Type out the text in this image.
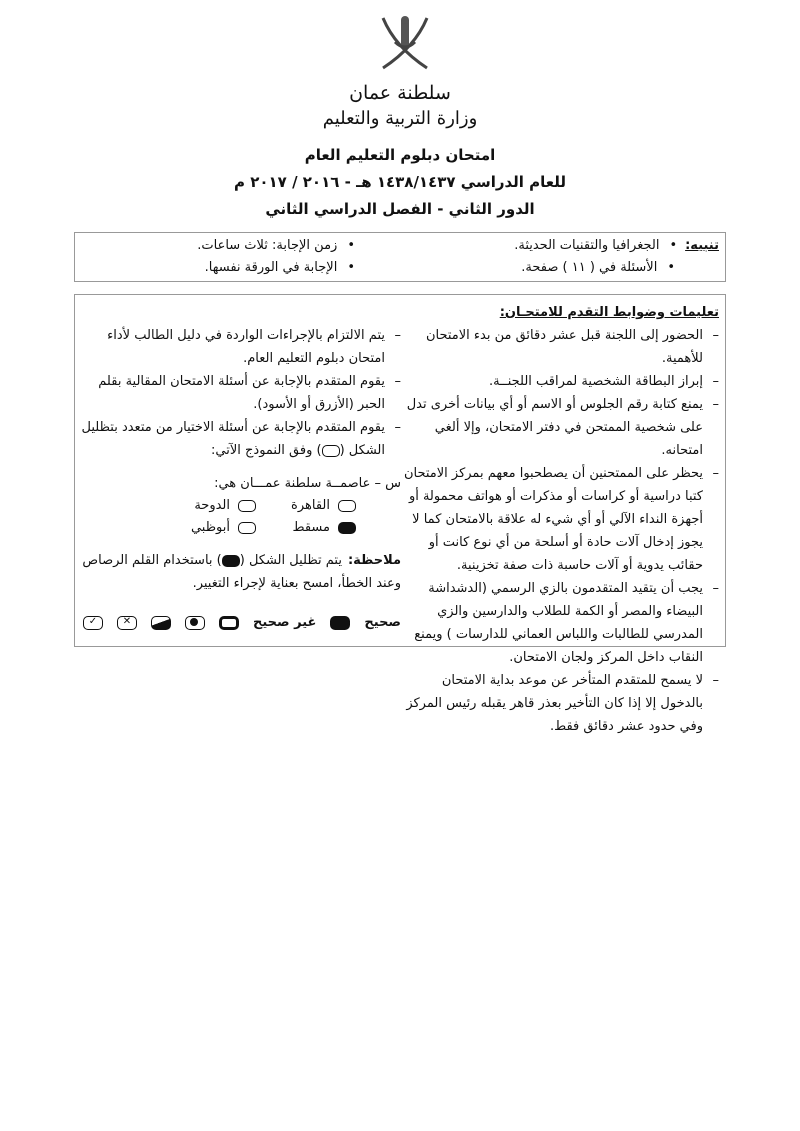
سلطنة عمان
وزارة التربية والتعليم
امتحان دبلوم التعليم العام
للعام الدراسي ١٤٣٨/١٤٣٧ هـ - ٢٠١٦ / ٢٠١٧ م
الدور الثاني - الفصل الدراسي الثاني
تنبيه:
• الجغرافيا والتقنيات الحديثة.
• الأسئلة في ( ١١ ) صفحة.
• زمن الإجابة: ثلاث ساعات.
• الإجابة في الورقة نفسها.
تعليمات وضوابط التقدم للامتحـان:
– الحضور إلى اللجنة قبل عشر دقائق من بدء الامتحان للأهمية.
– إبراز البطاقة الشخصية لمراقب اللجنــة.
– يمنع كتابة رقم الجلوس أو الاسم أو أي بيانات أخرى تدل على شخصية الممتحن في دفتر الامتحان، وإلا ألغي امتحانه.
– يحظر على الممتحنين أن يصطحبوا معهم بمركز الامتحان كتبا دراسية أو كراسات أو مذكرات أو هواتف محمولة أو أجهزة النداء الآلي أو أي شيء له علاقة بالامتحان كما لا يجوز إدخال آلات حادة أو أسلحة من أي نوع كانت أو حقائب يدوية أو آلات حاسبة ذات صفة تخزينية.
– يجب أن يتقيد المتقدمون بالزي الرسمي (الدشداشة البيضاء والمصر أو الكمة للطلاب والدارسين والزي المدرسي للطالبات واللباس العماني للدارسات ) ويمنع النقاب داخل المركز ولجان الامتحان.
– لا يسمح للمتقدم المتأخر عن موعد بداية الامتحان بالدخول إلا إذا كان التأخير بعذر قاهر يقبله رئيس المركز وفي حدود عشر دقائق فقط.
– يتم الالتزام بالإجراءات الواردة في دليل الطالب لأداء امتحان دبلوم التعليم العام.
– يقوم المتقدم بالإجابة عن أسئلة الامتحان المقالية بقلم الحبر (الأزرق أو الأسود).
– يقوم المتقدم بالإجابة عن أسئلة الاختيار من متعدد بتظليل الشكل () وفق النموذج الآتي:
س – عاصمــة سلطنة عمـــان هي:
القاهرة
الدوحة
مسقط
أبوظبي
ملاحظة:يتم تظليل الشكل () باستخدام القلم الرصاص وعند الخطأ، امسح بعناية لإجراء التغيير.
صحيح
غير صحيح
✕
✓
